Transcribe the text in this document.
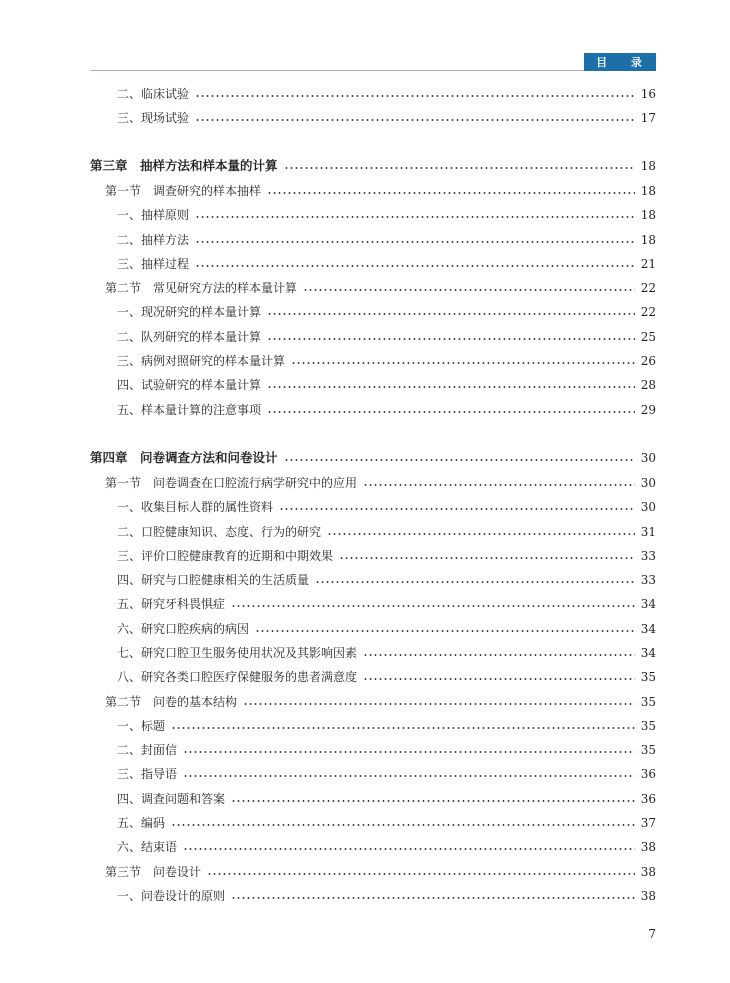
目 录
二、临床试验	16
三、现场试验	17
第三章　抽样方法和样本量的计算	18
第一节　调查研究的样本抽样	18
一、抽样原则	18
二、抽样方法	18
三、抽样过程	21
第二节　常见研究方法的样本量计算	22
一、现况研究的样本量计算	22
二、队列研究的样本量计算	25
三、病例对照研究的样本量计算	26
四、试验研究的样本量计算	28
五、样本量计算的注意事项	29
第四章　问卷调查方法和问卷设计	30
第一节　问卷调查在口腔流行病学研究中的应用	30
一、收集目标人群的属性资料	30
二、口腔健康知识、态度、行为的研究	31
三、评价口腔健康教育的近期和中期效果	33
四、研究与口腔健康相关的生活质量	33
五、研究牙科畏惧症	34
六、研究口腔疾病的病因	34
七、研究口腔卫生服务使用状况及其影响因素	34
八、研究各类口腔医疗保健服务的患者满意度	35
第二节　问卷的基本结构	35
一、标题	35
二、封面信	35
三、指导语	36
四、调查问题和答案	36
五、编码	37
六、结束语	38
第三节　问卷设计	38
一、问卷设计的原则	38
7
